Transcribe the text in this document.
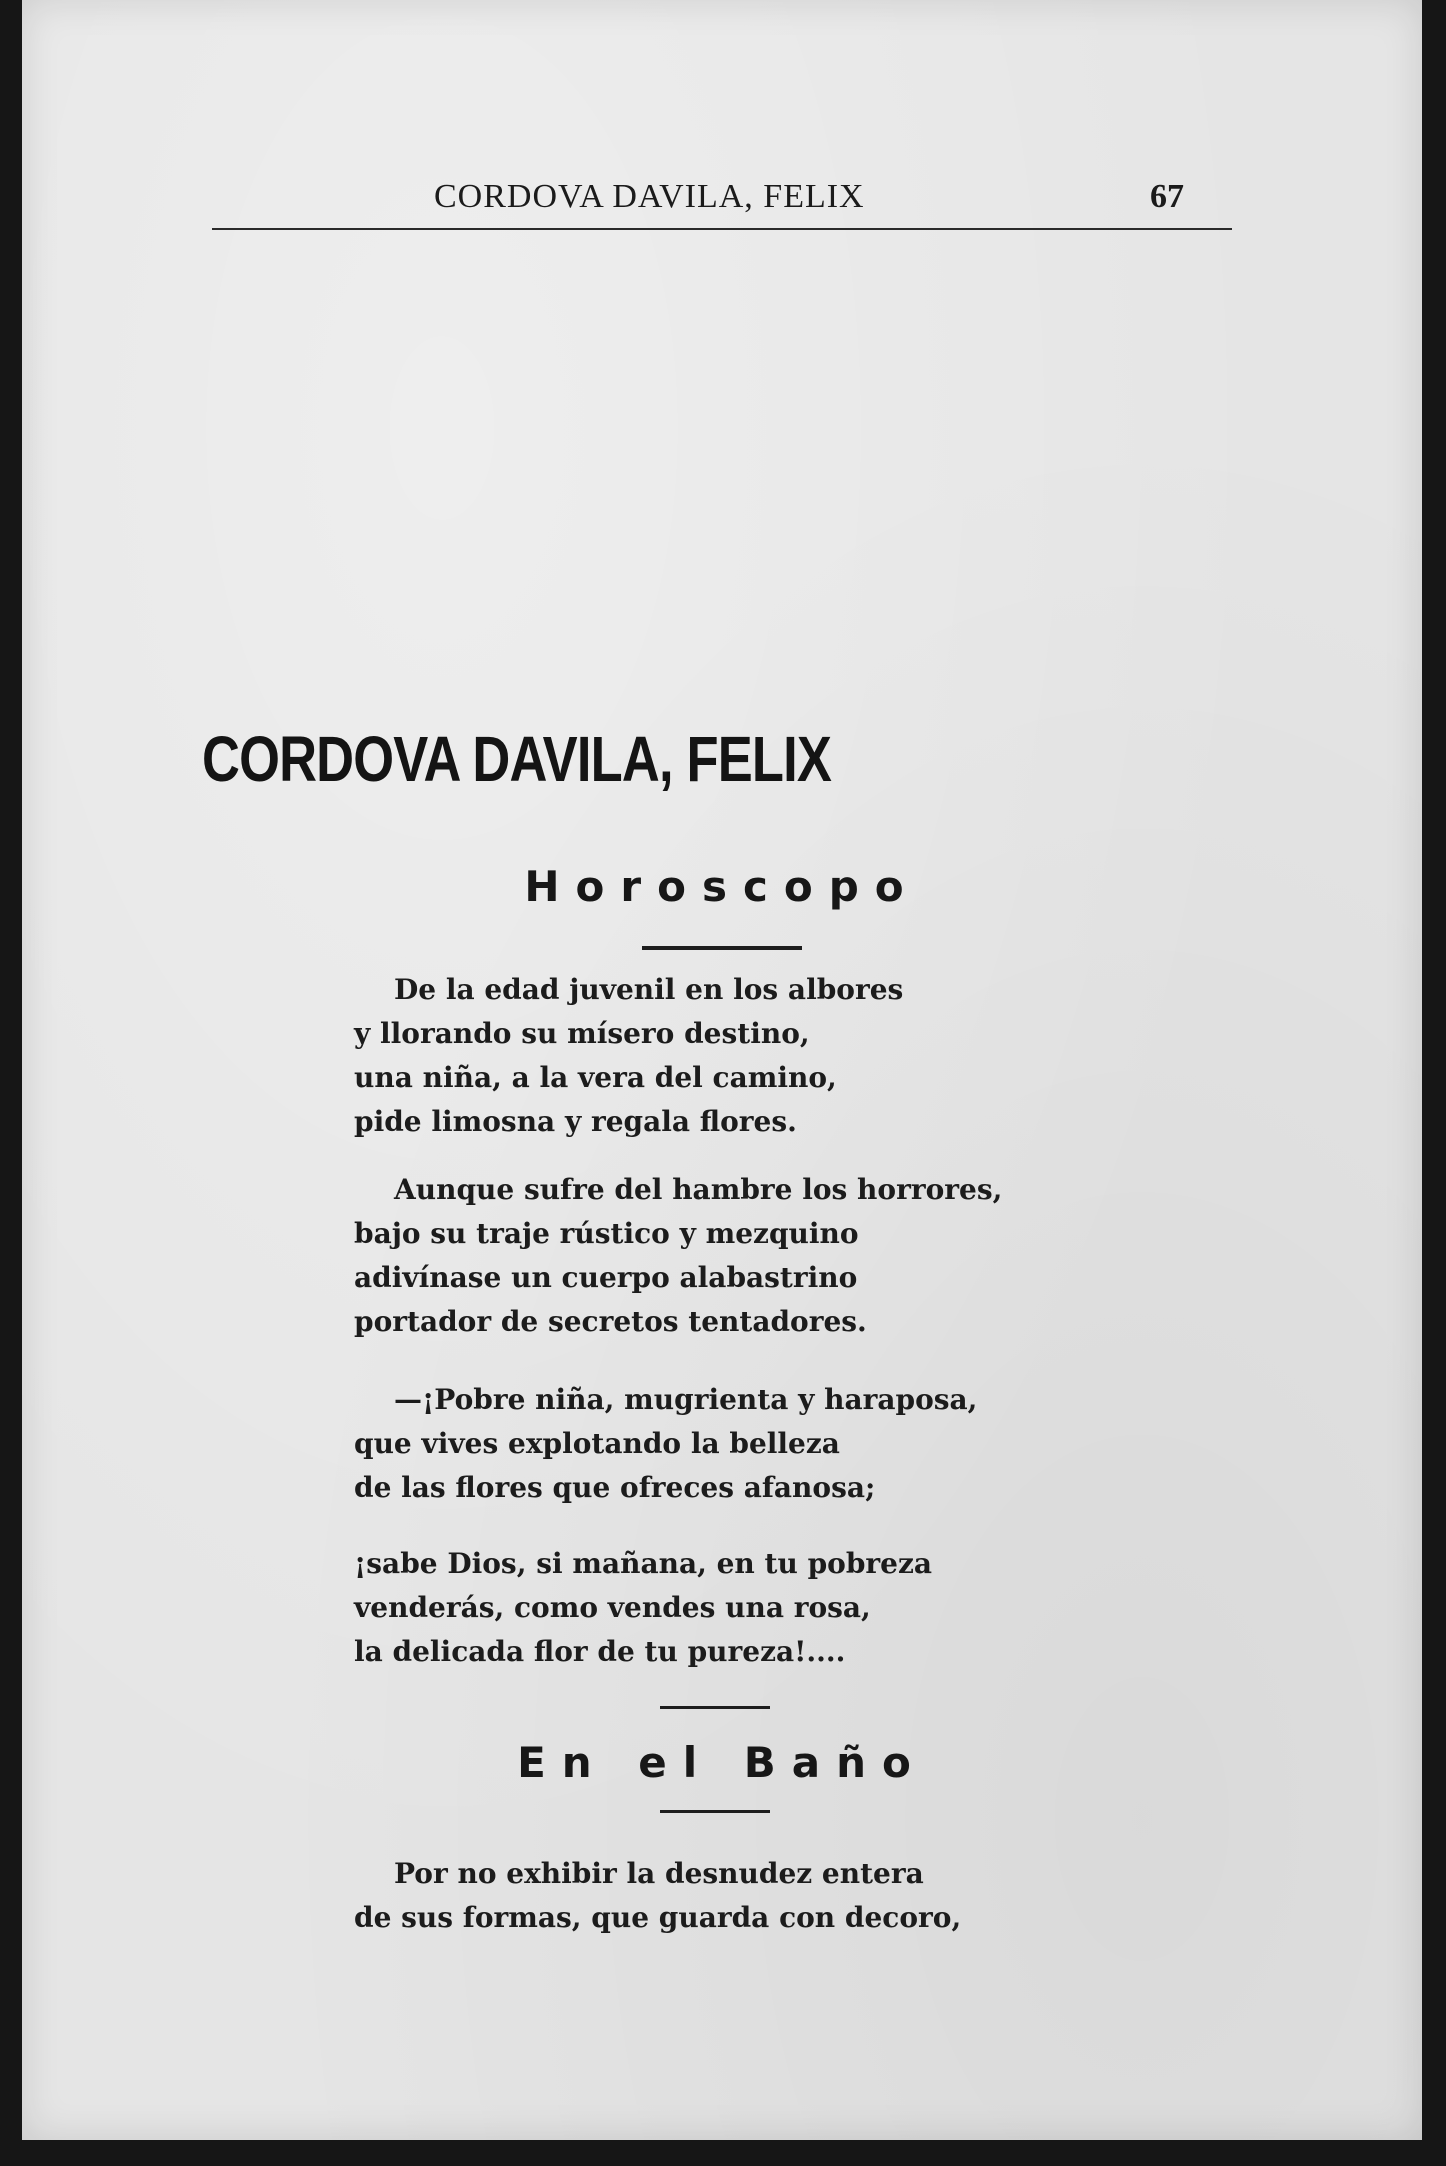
CORDOVA DAVILA, FELIX	67
CORDOVA DAVILA, FELIX
Horoscopo
De la edad juvenil en los albores
y llorando su mísero destino,
una niña, a la vera del camino,
pide limosna y regala flores.
Aunque sufre del hambre los horrores,
bajo su traje rústico y mezquino
adivínase un cuerpo alabastrino
portador de secretos tentadores.
—¡Pobre niña, mugrienta y haraposa,
que vives explotando la belleza
de las flores que ofreces afanosa;
¡sabe Dios, si mañana, en tu pobreza
venderás, como vendes una rosa,
la delicada flor de tu pureza!....
En el Baño
Por no exhibir la desnudez entera
de sus formas, que guarda con decoro,
